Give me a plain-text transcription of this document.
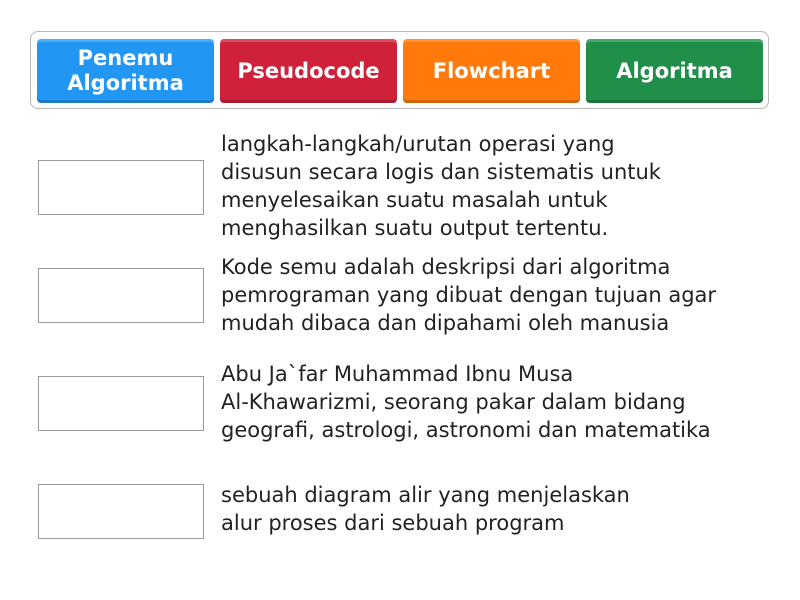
Penemu Algoritma
Pseudocode	Flowchart	Algoritma
langkah-langkah/urutan operasi yang
disusun secara logis dan sistematis untuk
menyelesaikan suatu masalah untuk
menghasilkan suatu output tertentu.
Kode semu adalah deskripsi dari algoritma
pemrograman yang dibuat dengan tujuan agar
mudah dibaca dan dipahami oleh manusia
Abu Ja`far Muhammad Ibnu Musa
Al-Khawarizmi, seorang pakar dalam bidang
geografi, astrologi, astronomi dan matematika
sebuah diagram alir yang menjelaskan
alur proses dari sebuah program
